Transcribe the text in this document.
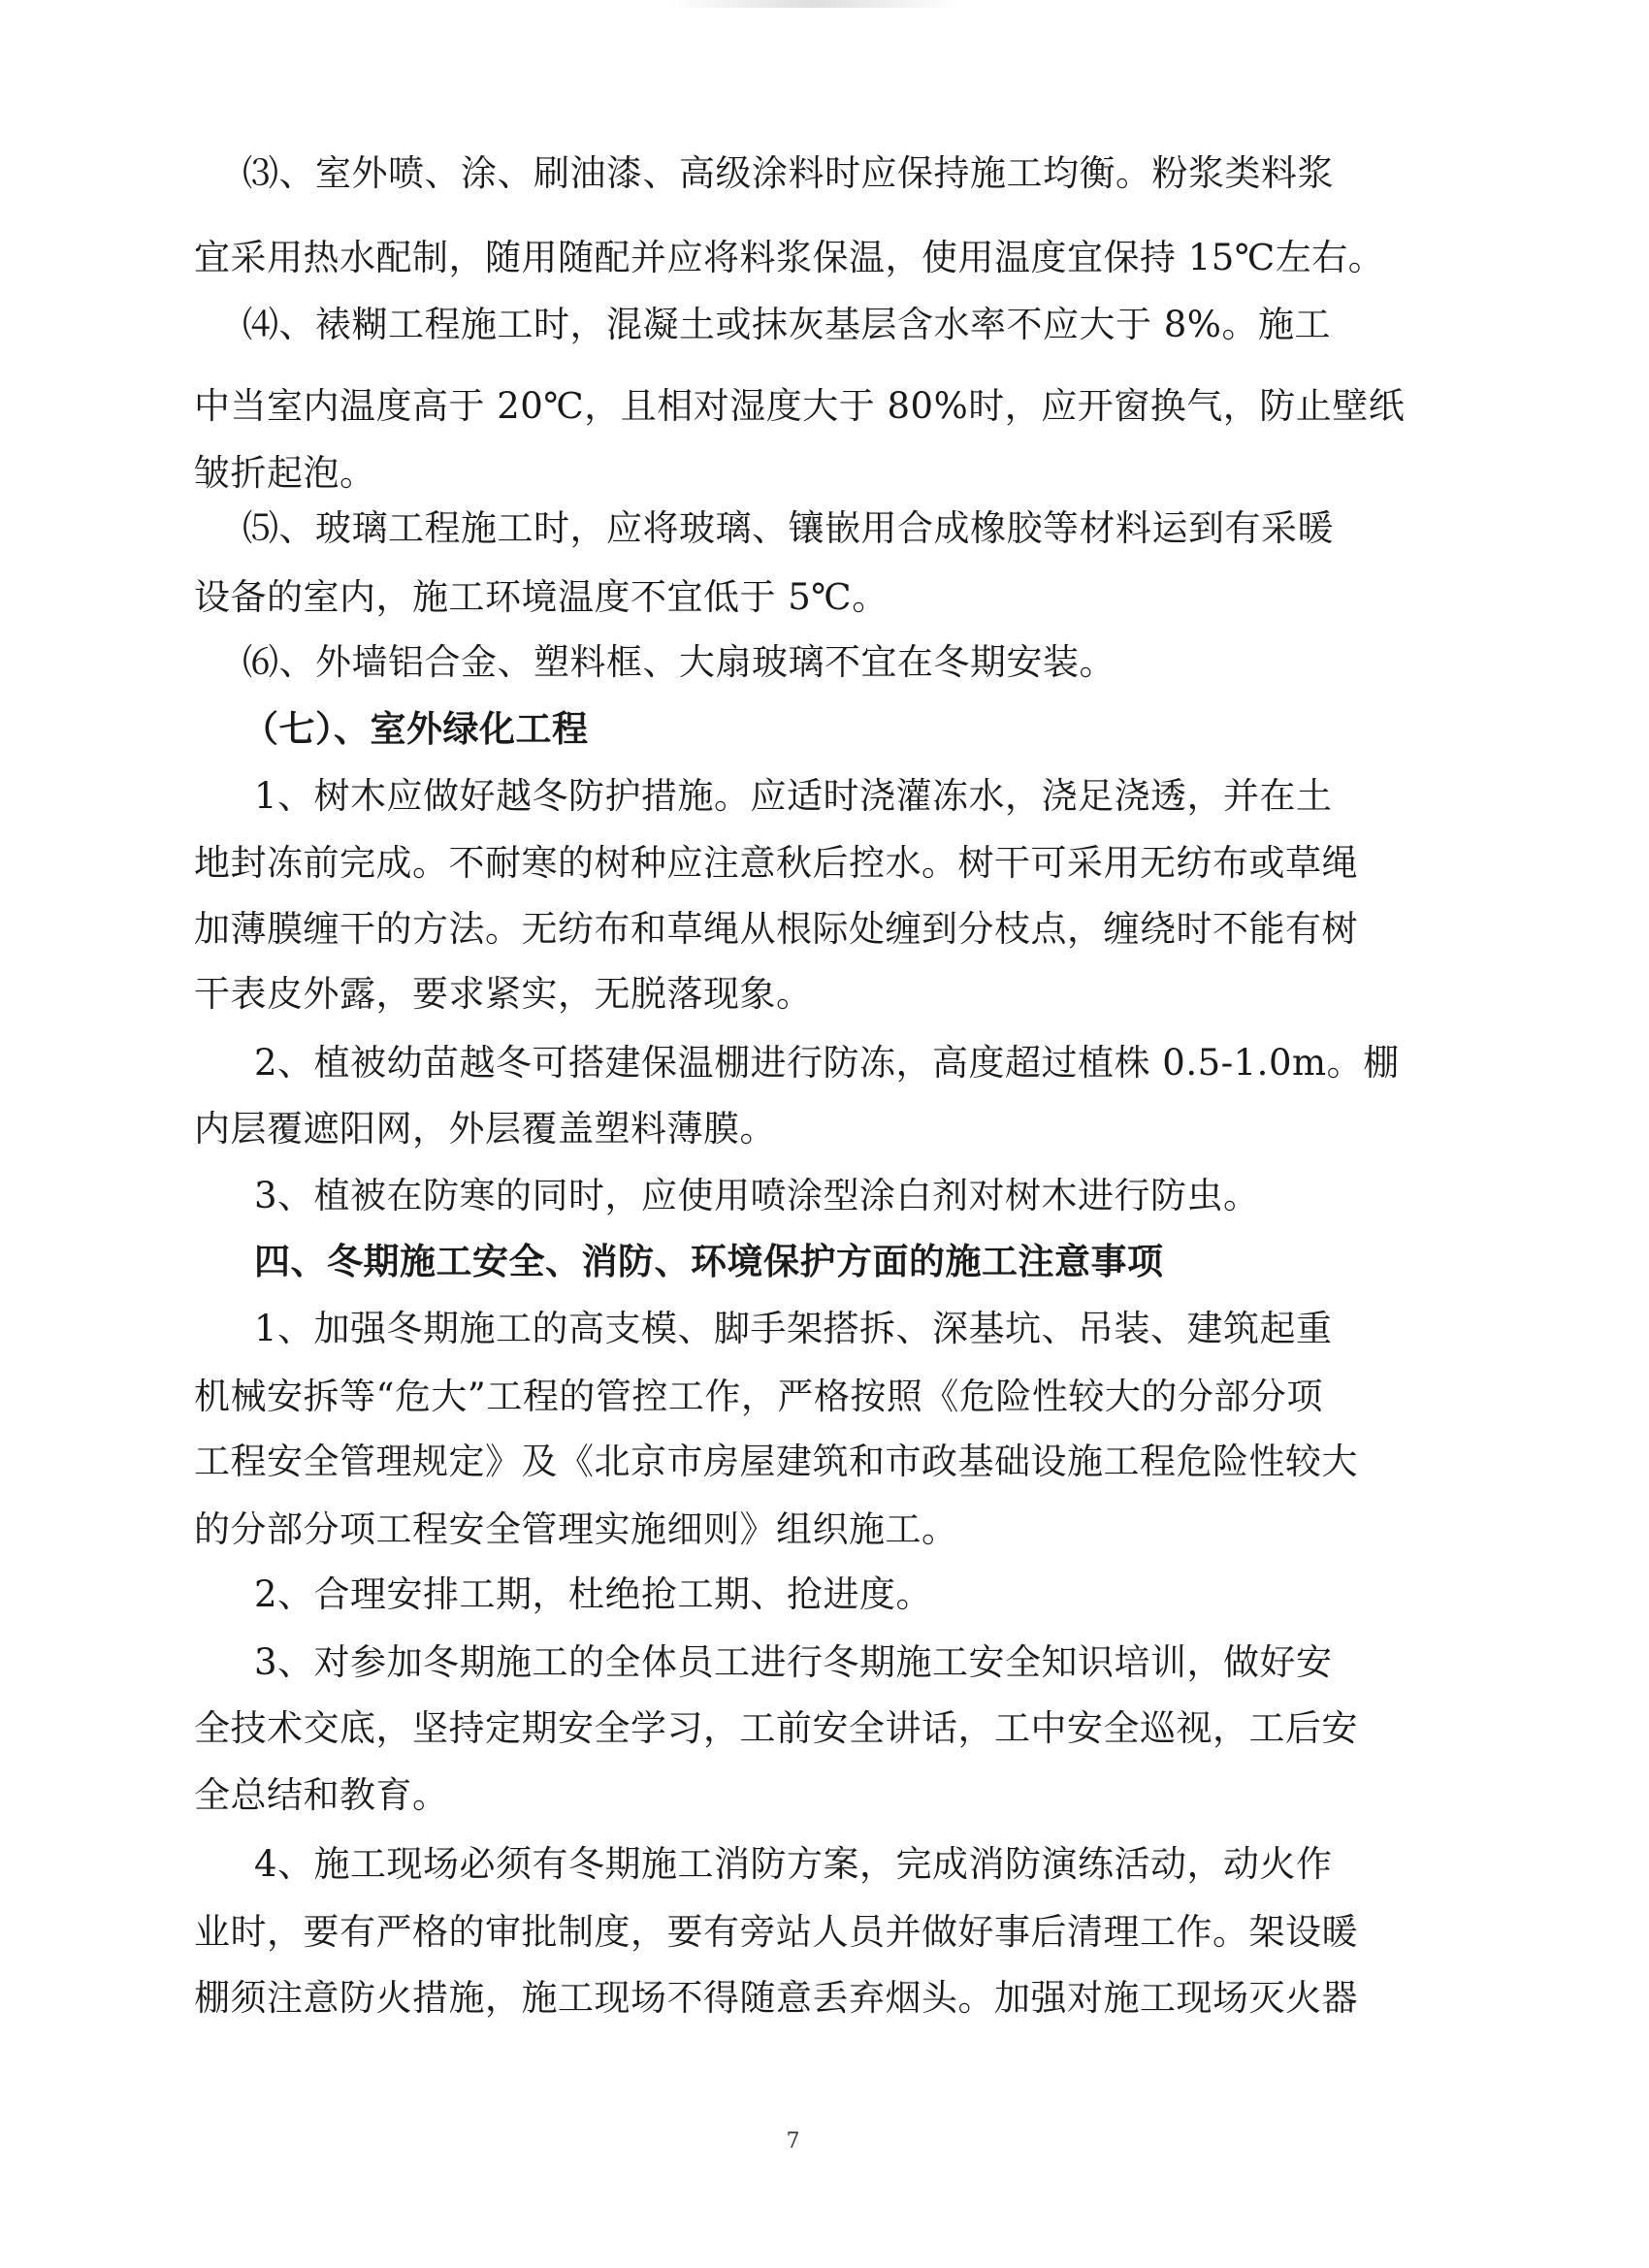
⑶、室外喷、涂、刷油漆、高级涂料时应保持施工均衡。粉浆类料浆
宜采用热水配制，随用随配并应将料浆保温，使用温度宜保持 15℃左右。
⑷、裱糊工程施工时，混凝土或抹灰基层含水率不应大于 8%。施工
中当室内温度高于 20℃，且相对湿度大于 80%时，应开窗换气，防止壁纸
皱折起泡。
⑸、玻璃工程施工时，应将玻璃、镶嵌用合成橡胶等材料运到有采暖
设备的室内，施工环境温度不宜低于 5℃。
⑹、外墙铝合金、塑料框、大扇玻璃不宜在冬期安装。
（七）、室外绿化工程
1、树木应做好越冬防护措施。应适时浇灌冻水，浇足浇透，并在土
地封冻前完成。不耐寒的树种应注意秋后控水。树干可采用无纺布或草绳
加薄膜缠干的方法。无纺布和草绳从根际处缠到分枝点，缠绕时不能有树
干表皮外露，要求紧实，无脱落现象。
2、植被幼苗越冬可搭建保温棚进行防冻，高度超过植株 0.5-1.0m。棚
内层覆遮阳网，外层覆盖塑料薄膜。
3、植被在防寒的同时，应使用喷涂型涂白剂对树木进行防虫。
四、冬期施工安全、消防、环境保护方面的施工注意事项
1、加强冬期施工的高支模、脚手架搭拆、深基坑、吊装、建筑起重
机械安拆等“危大”工程的管控工作，严格按照《危险性较大的分部分项
工程安全管理规定》及《北京市房屋建筑和市政基础设施工程危险性较大
的分部分项工程安全管理实施细则》组织施工。
2、合理安排工期，杜绝抢工期、抢进度。
3、对参加冬期施工的全体员工进行冬期施工安全知识培训，做好安
全技术交底，坚持定期安全学习，工前安全讲话，工中安全巡视，工后安
全总结和教育。
4、施工现场必须有冬期施工消防方案，完成消防演练活动，动火作
业时，要有严格的审批制度，要有旁站人员并做好事后清理工作。架设暖
棚须注意防火措施，施工现场不得随意丢弃烟头。加强对施工现场灭火器
7
